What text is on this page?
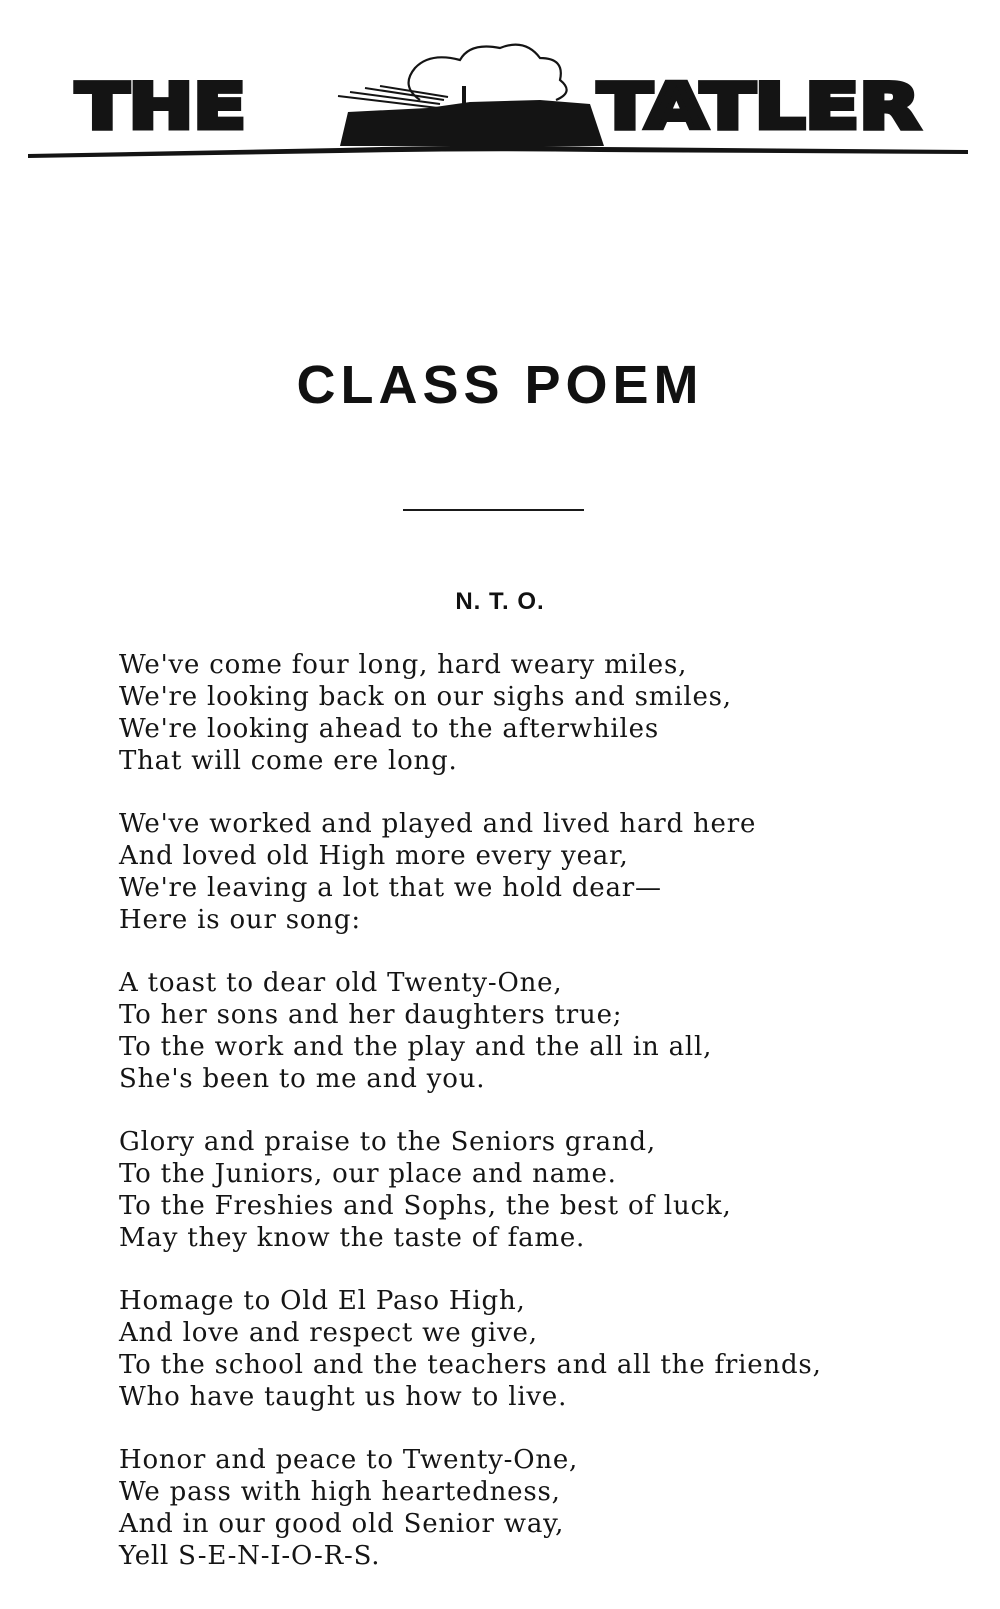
THE	TATLER
CLASS POEM
N. T. O.
We've come four long, hard weary miles,
We're looking back on our sighs and smiles,
We're looking ahead to the afterwhiles
That will come ere long.
We've worked and played and lived hard here
And loved old High more every year,
We're leaving a lot that we hold dear—
Here is our song:
A toast to dear old Twenty-One,
To her sons and her daughters true;
To the work and the play and the all in all,
She's been to me and you.
Glory and praise to the Seniors grand,
To the Juniors, our place and name.
To the Freshies and Sophs, the best of luck,
May they know the taste of fame.
Homage to Old El Paso High,
And love and respect we give,
To the school and the teachers and all the friends,
Who have taught us how to live.
Honor and peace to Twenty-One,
We pass with high heartedness,
And in our good old Senior way,
Yell S-E-N-I-O-R-S.
